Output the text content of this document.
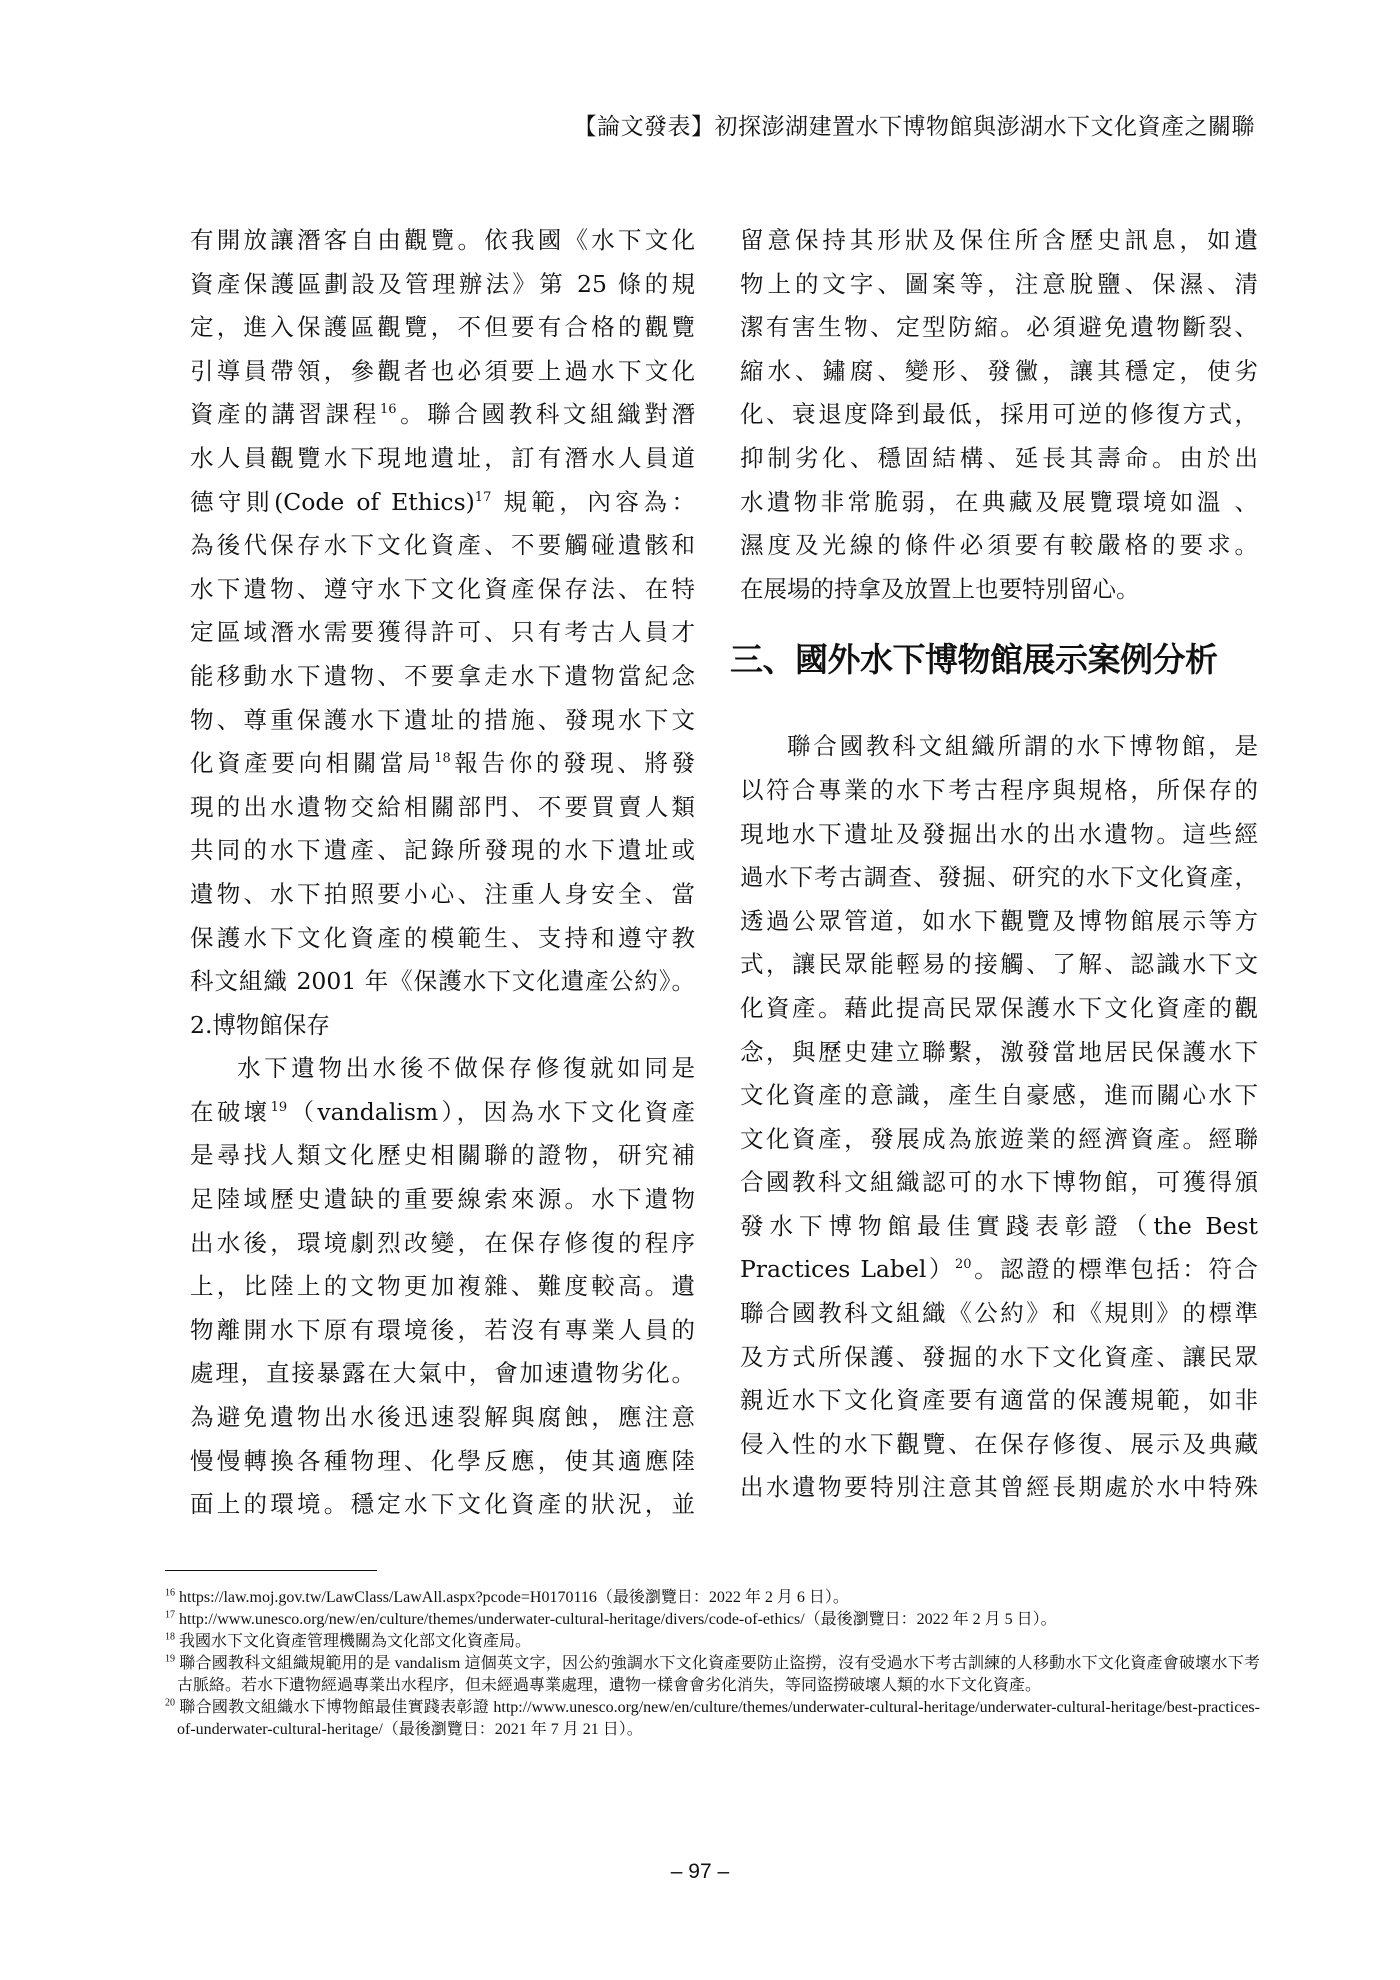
【論文發表】初探澎湖建置水下博物館與澎湖水下文化資產之關聯
有開放讓潛客自由觀覽。依我國《水下文化
資產保護區劃設及管理辦法》第 25 條的規
定，進入保護區觀覽，不但要有合格的觀覽
引導員帶領，參觀者也必須要上過水下文化
資產的講習課程$^{16}$。聯合國教科文組織對潛
水人員觀覽水下現地遺址，訂有潛水人員道
德守則(Code of Ethics)$^{17}$ 規範，內容為：
為後代保存水下文化資產、不要觸碰遺骸和
水下遺物、遵守水下文化資產保存法、在特
定區域潛水需要獲得許可、只有考古人員才
能移動水下遺物、不要拿走水下遺物當紀念
物、尊重保護水下遺址的措施、發現水下文
化資產要向相關當局$^{18}$報告你的發現、將發
現的出水遺物交給相關部門、不要買賣人類
共同的水下遺產、記錄所發現的水下遺址或
遺物、水下拍照要小心、注重人身安全、當
保護水下文化資產的模範生、支持和遵守教
科文組織 2001 年《保護水下文化遺產公約》。
2.博物館保存
水下遺物出水後不做保存修復就如同是
在破壞$^{19}$（vandalism），因為水下文化資產
是尋找人類文化歷史相關聯的證物，研究補
足陸域歷史遺缺的重要線索來源。水下遺物
出水後，環境劇烈改變，在保存修復的程序
上，比陸上的文物更加複雜、難度較高。遺
物離開水下原有環境後，若沒有專業人員的
處理，直接暴露在大氣中，會加速遺物劣化。
為避免遺物出水後迅速裂解與腐蝕，應注意
慢慢轉換各種物理、化學反應，使其適應陸
面上的環境。穩定水下文化資產的狀況，並
留意保持其形狀及保住所含歷史訊息，如遺
物上的文字、圖案等，注意脫鹽、保濕、清
潔有害生物、定型防縮。必須避免遺物斷裂、
縮水、鏽腐、變形、發黴，讓其穩定，使劣
化、衰退度降到最低，採用可逆的修復方式，
抑制劣化、穩固結構、延長其壽命。由於出
水遺物非常脆弱，在典藏及展覽環境如溫 、
濕度及光線的條件必須要有較嚴格的要求。
在展場的持拿及放置上也要特別留心。
三、國外水下博物館展示案例分析
聯合國教科文組織所謂的水下博物館，是
以符合專業的水下考古程序與規格，所保存的
現地水下遺址及發掘出水的出水遺物。這些經
過水下考古調查、發掘、研究的水下文化資產，
透過公眾管道，如水下觀覽及博物館展示等方
式，讓民眾能輕易的接觸、了解、認識水下文
化資產。藉此提高民眾保護水下文化資產的觀
念，與歷史建立聯繫，激發當地居民保護水下
文化資產的意識，產生自豪感，進而關心水下
文化資產，發展成為旅遊業的經濟資產。經聯
合國教科文組織認可的水下博物館，可獲得頒
發水下博物館最佳實踐表彰證（the Best
Practices Label）$^{20}$。認證的標準包括：符合
聯合國教科文組織《公約》和《規則》的標準
及方式所保護、發掘的水下文化資產、讓民眾
親近水下文化資產要有適當的保護規範，如非
侵入性的水下觀覽、在保存修復、展示及典藏
出水遺物要特別注意其曾經長期處於水中特殊
$^{16}$ https://law.moj.gov.tw/LawClass/LawAll.aspx?pcode=H0170116（最後瀏覽日：2022 年 2 月 6 日）。
$^{17}$ http://www.unesco.org/new/en/culture/themes/underwater-cultural-heritage/divers/code-of-ethics/（最後瀏覽日：2022 年 2 月 5 日）。
$^{18}$ 我國水下文化資產管理機關為文化部文化資產局。
$^{19}$ 聯合國教科文組織規範用的是 vandalism 這個英文字，因公約強調水下文化資產要防止盜撈，沒有受過水下考古訓練的人移動水下文化資產會破壞水下考古脈絡。若水下遺物經過專業出水程序，但未經過專業處理，遺物一樣會會劣化消失，等同盜撈破壞人類的水下文化資產。
$^{20}$ 聯合國教文組織水下博物館最佳實踐表彰證 http://www.unesco.org/new/en/culture/themes/underwater-cultural-heritage/underwater-cultural-heritage/best-practices-of-underwater-cultural-heritage/（最後瀏覽日：2021 年 7 月 21 日）。
– 97 –
